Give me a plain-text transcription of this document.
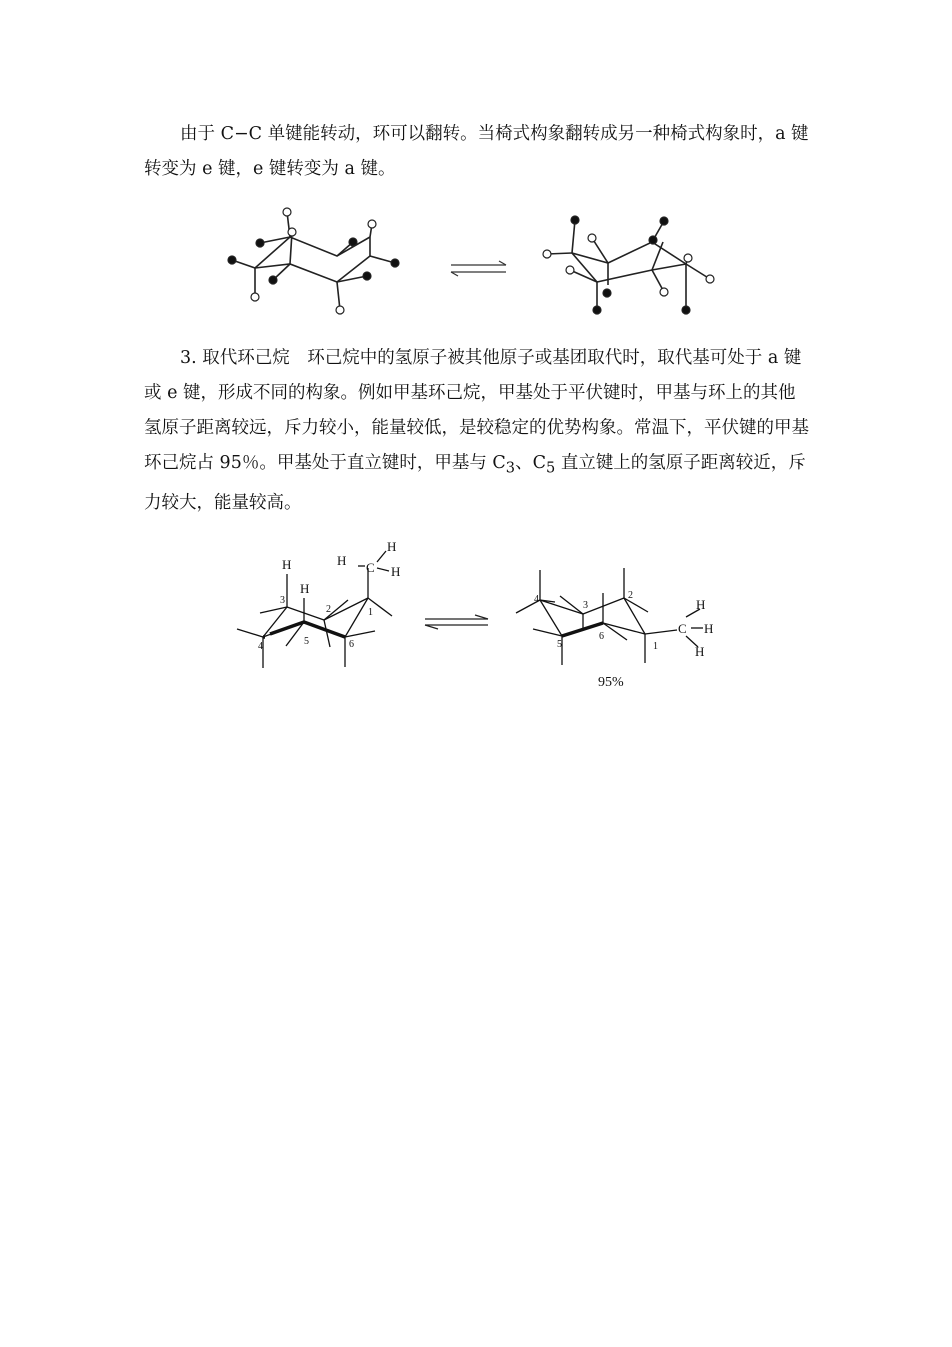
由于 C−C 单键能转动，环可以翻转。当椅式构象翻转成另一种椅式构象时，a 键转变为 e 键，e 键转变为 a 键。

3. 取代环己烷　环己烷中的氢原子被其他原子或基团取代时，取代基可处于 a 键或 e 键，形成不同的构象。例如甲基环己烷，甲基处于平伏键时，甲基与环上的其他氢原子距离较远，斥力较小，能量较低，是较稳定的优势构象。常温下，平伏键的甲基环己烷占 95％。甲基处于直立键时，甲基与 $C_3$、$C_5$ 直立键上的氢原子距离较近，斥力较大，能量较高。

H
H
H C
H
H
1
2
3
4	5	6
H
C H
H
1
2
3
4
5
6
95%
